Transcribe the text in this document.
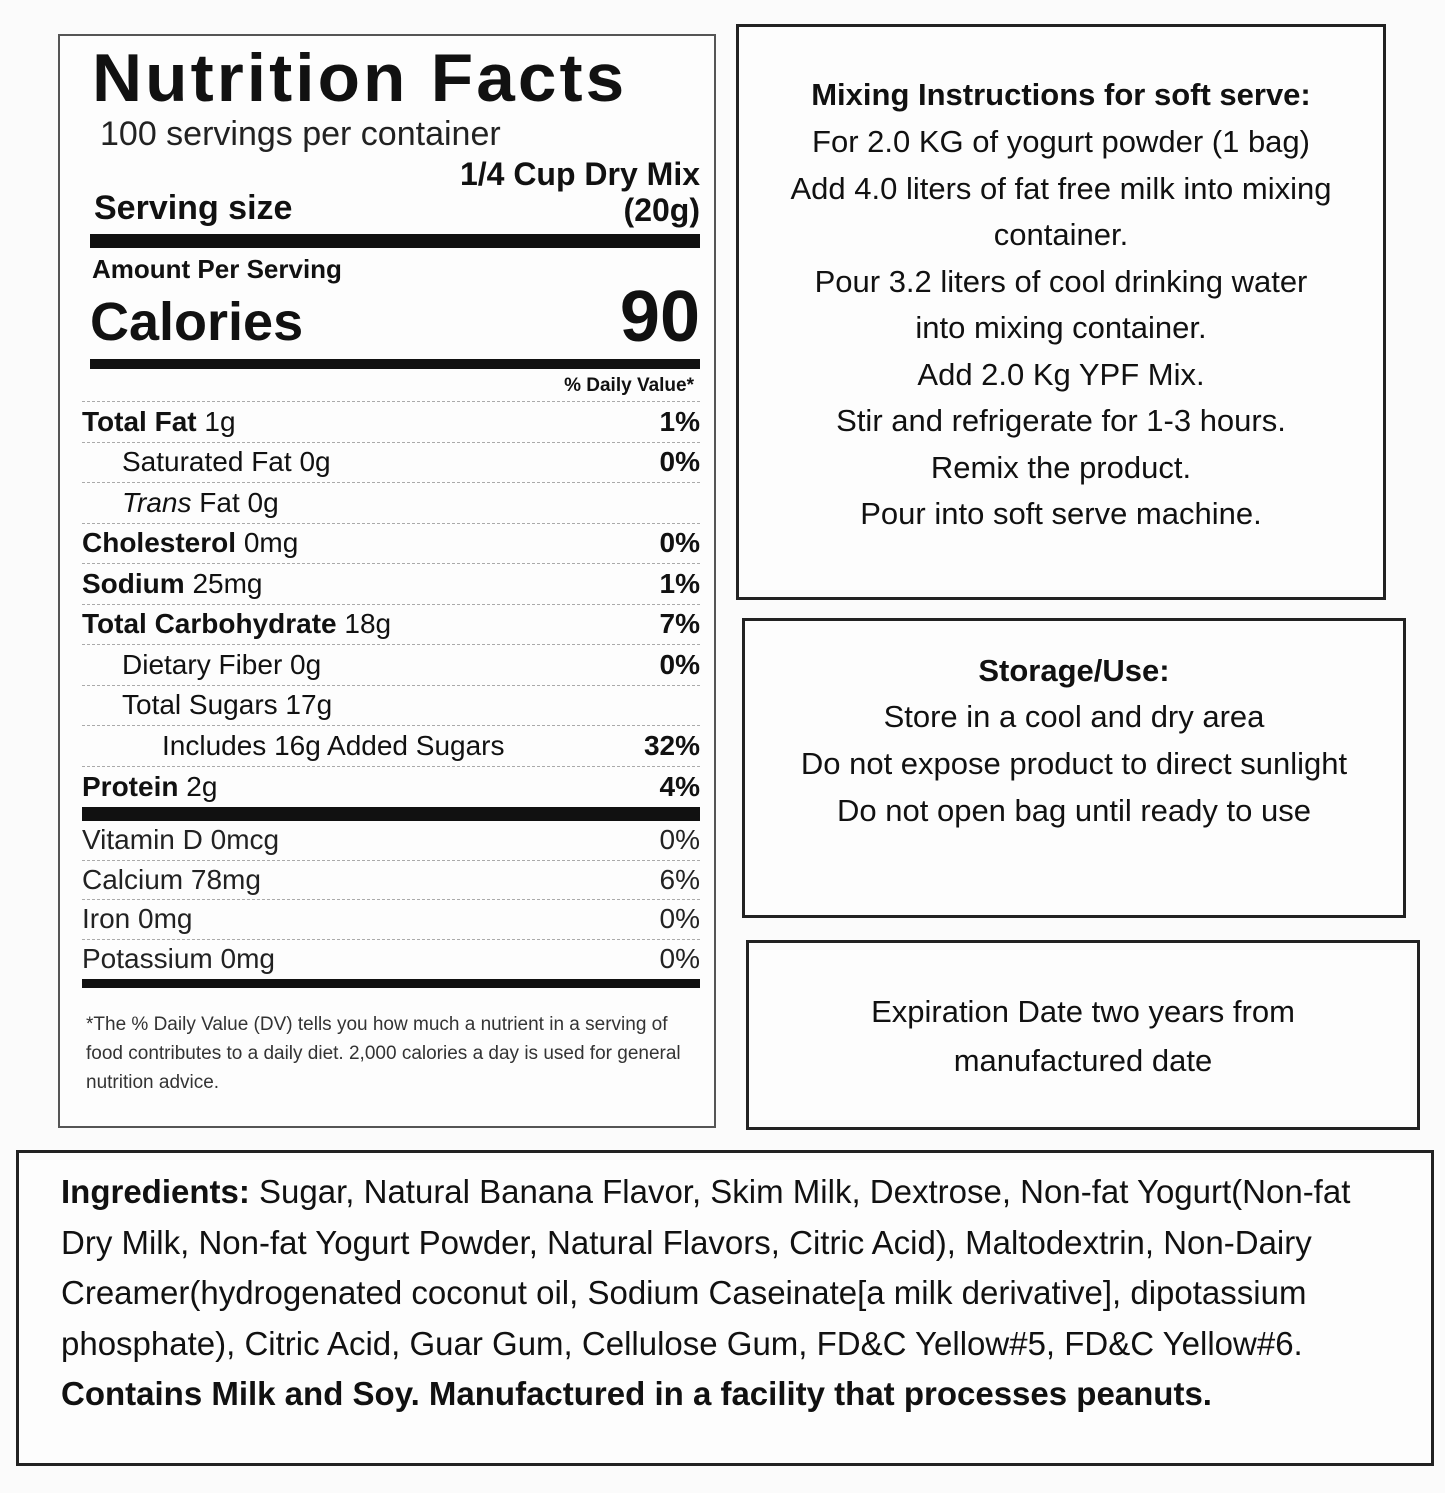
Nutrition Facts
100 servings per container
Serving size
1/4 Cup Dry Mix
(20g)
Amount Per Serving
Calories	90
% Daily Value*
Total Fat 1g	1%
Saturated Fat 0g	0%
Trans Fat 0g
Cholesterol 0mg	0%
Sodium 25mg	1%
Total Carbohydrate 18g	7%
Dietary Fiber 0g	0%
Total Sugars 17g
Includes 16g Added Sugars	32%
Protein 2g	4%
Vitamin D 0mcg	0%
Calcium 78mg	6%
Iron 0mg	0%
Potassium 0mg	0%
*The % Daily Value (DV) tells you how much a nutrient in a serving of food contributes to a daily diet. 2,000 calories a day is used for general nutrition advice.
Mixing Instructions for soft serve:

For 2.0 KG of yogurt powder (1 bag)

Add 4.0 liters of fat free milk into mixing container.

Pour 3.2 liters of cool drinking water into mixing container.

Add 2.0 Kg YPF Mix.

Stir and refrigerate for 1-3 hours.

Remix the product.

Pour into soft serve machine.

Storage/Use:

Store in a cool and dry area

Do not expose product to direct sunlight

Do not open bag until ready to use

Expiration Date two years from manufactured date

Ingredients: Sugar, Natural Banana Flavor, Skim Milk, Dextrose, Non-fat Yogurt(Non-fat Dry Milk, Non-fat Yogurt Powder, Natural Flavors, Citric Acid), Maltodextrin, Non-Dairy Creamer(hydrogenated coconut oil, Sodium Caseinate[a milk derivative], dipotassium phosphate), Citric Acid, Guar Gum, Cellulose Gum, FD&C Yellow#5, FD&C Yellow#6.
Contains Milk and Soy. Manufactured in a facility that processes peanuts.
